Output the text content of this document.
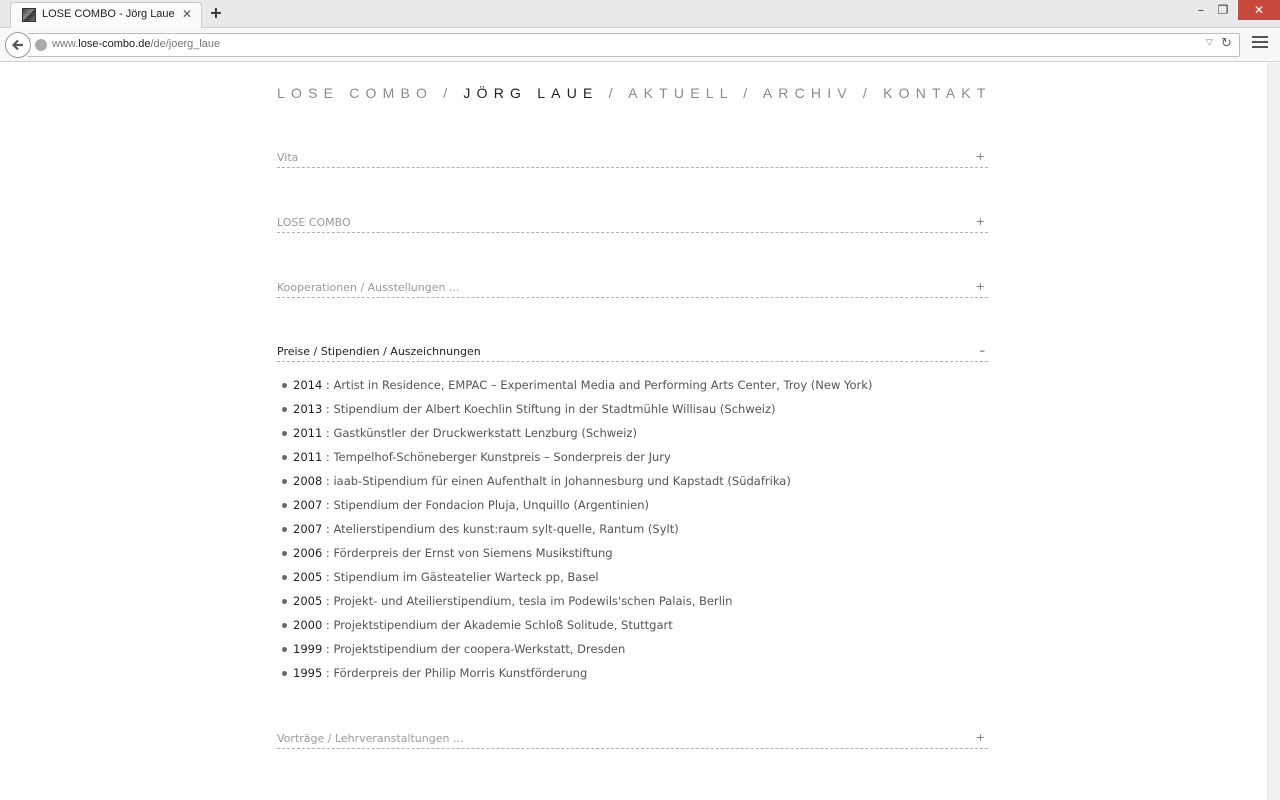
LOSE COMBO - Jörg Laue ✕ +	–	❐	✕
www.lose-combo.de/de/joerg_laue	▽ ↻
LOSE COMBO / JÖRG LAUE / AKTUELL / ARCHIV / KONTAKT
Vita	+
LOSE COMBO	+
Kooperationen / Ausstellungen ...	+
Preise / Stipendien / Auszeichnungen	–
2014 : Artist in Residence, EMPAC – Experimental Media and Performing Arts Center, Troy (New York)
2013 : Stipendium der Albert Koechlin Stiftung in der Stadtmühle Willisau (Schweiz)
2011 : Gastkünstler der Druckwerkstatt Lenzburg (Schweiz)
2011 : Tempelhof-Schöneberger Kunstpreis – Sonderpreis der Jury
2008 : iaab-Stipendium für einen Aufenthalt in Johannesburg und Kapstadt (Südafrika)
2007 : Stipendium der Fondacion Pluja, Unquillo (Argentinien)
2007 : Atelierstipendium des kunst:raum sylt-quelle, Rantum (Sylt)
2006 : Förderpreis der Ernst von Siemens Musikstiftung
2005 : Stipendium im Gästeatelier Warteck pp, Basel
2005 : Projekt- und Ateilierstipendium, tesla im Podewils'schen Palais, Berlin
2000 : Projektstipendium der Akademie Schloß Solitude, Stuttgart
1999 : Projektstipendium der coopera-Werkstatt, Dresden
1995 : Förderpreis der Philip Morris Kunstförderung
Vorträge / Lehrveranstaltungen ...	+
